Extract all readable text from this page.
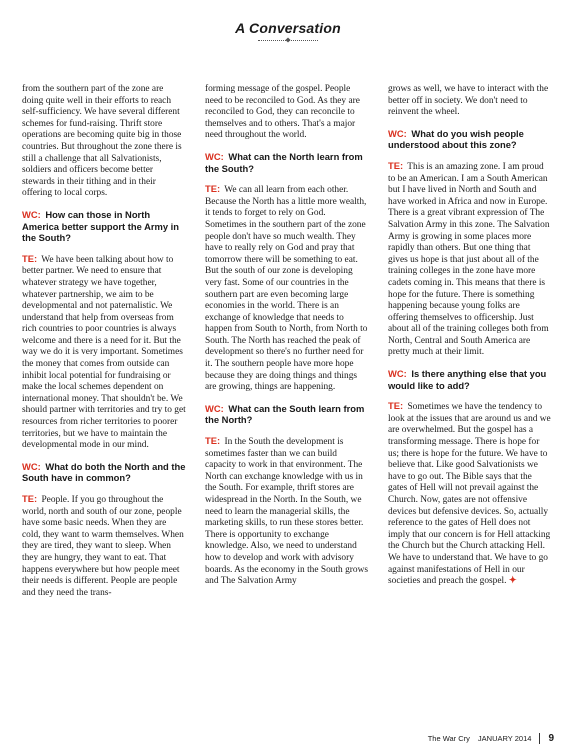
A Conversation

from the southern part of the zone are doing quite well in their efforts to reach self-sufficiency. We have several different schemes for fund-raising. Thrift store operations are becoming quite big in those countries. But throughout the zone there is still a challenge that all Salvationists, soldiers and officers become better stewards in their tithing and in their offering to local corps.

WC: How can those in North America better support the Army in the South?

TE: We have been talking about how to better partner. We need to ensure that whatever strategy we have together, whatever partnership, we aim to be developmental and not paternalistic. We understand that help from overseas from rich countries to poor countries is always welcome and there is a need for it. But the way we do it is very important. Sometimes the money that comes from outside can inhibit local potential for fundraising or make the local schemes dependent on international money. That shouldn't be. We should partner with territories and try to get resources from richer territories to poorer territories, but we have to maintain the developmental mode in our mind.

WC: What do both the North and the South have in common?

TE: People. If you go throughout the world, north and south of our zone, people have some basic needs. When they are cold, they want to warm themselves. When they are tired, they want to sleep. When they are hungry, they want to eat. That happens everywhere but how people meet their needs is different. People are people and they need the trans-

forming message of the gospel. People need to be reconciled to God. As they are reconciled to God, they can reconcile to themselves and to others. That's a major need throughout the world.

WC: What can the North learn from the South?

TE: We can all learn from each other. Because the North has a little more wealth, it tends to forget to rely on God. Sometimes in the southern part of the zone people don't have so much wealth. They have to really rely on God and pray that tomorrow there will be something to eat. But the south of our zone is developing very fast. Some of our countries in the southern part are even becoming large economies in the world. There is an exchange of knowledge that needs to happen from South to North, from North to South. The North has reached the peak of development so there's no further need for it. The southern people have more hope because they are doing things and things are growing, things are happening.

WC: What can the South learn from the North?

TE: In the South the development is sometimes faster than we can build capacity to work in that environment. The North can exchange knowledge with us in the South. For example, thrift stores are widespread in the North. In the South, we need to learn the managerial skills, the marketing skills, to run these stores better. There is opportunity to exchange knowledge. Also, we need to understand how to develop and work with advisory boards. As the economy in the South grows and The Salvation Army

grows as well, we have to interact with the better off in society. We don't need to reinvent the wheel.

WC: What do you wish people understood about this zone?

TE: This is an amazing zone. I am proud to be an American. I am a South American but I have lived in North and South and have worked in Africa and now in Europe. There is a great vibrant expression of The Salvation Army in this zone. The Salvation Army is growing in some places more rapidly than others. But one thing that gives us hope is that just about all of the training colleges in the zone have more cadets coming in. This means that there is hope for the future. There is something happening because young folks are offering themselves to officership. Just about all of the training colleges both from North, Central and South America are pretty much at their limit.

WC: Is there anything else that you would like to add?

TE: Sometimes we have the tendency to look at the issues that are around us and we are overwhelmed. But the gospel has a transforming message. There is hope for us; there is hope for the future. We have to believe that. Like good Salvationists we have to go out. The Bible says that the gates of Hell will not prevail against the Church. Now, gates are not offensive devices but defensive devices. So, actually reference to the gates of Hell does not imply that our concern is for Hell attacking the Church but the Church attacking Hell. We have to understand that. We have to go against manifestations of Hell in our societies and preach the gospel. ✦

The War Cry JANUARY 2014 9
